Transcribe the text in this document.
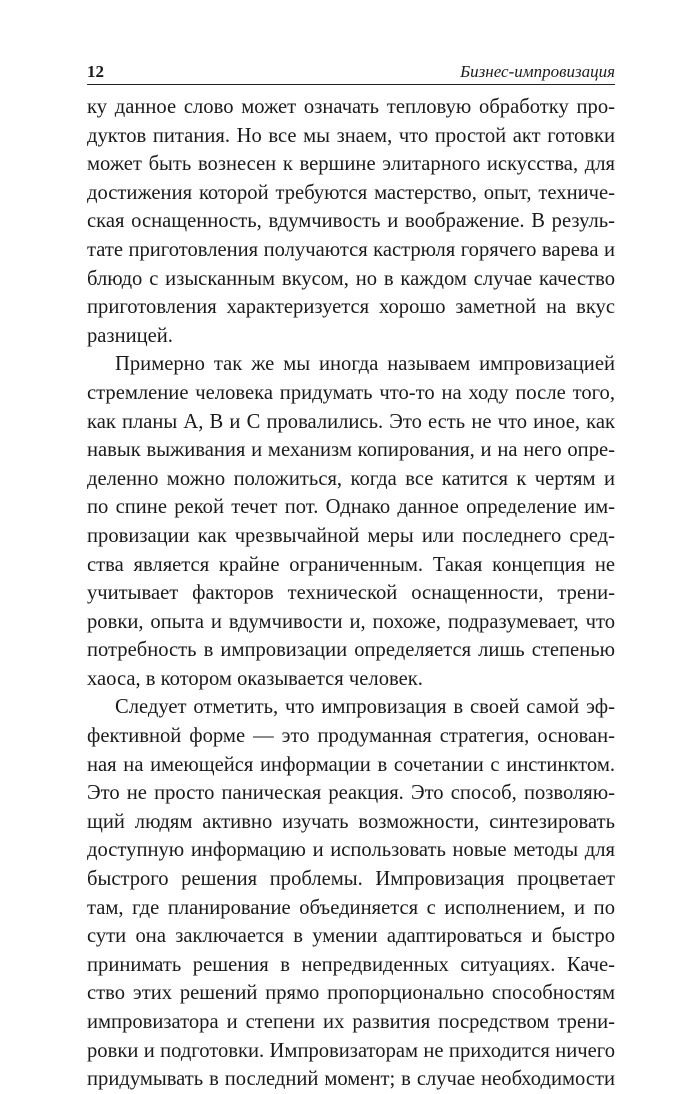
12	Бизнес-импровизация

ку данное слово может означать тепловую обработку про-

дуктов питания. Но все мы знаем, что простой акт готовки

может быть вознесен к вершине элитарного искусства, для

достижения которой требуются мастерство, опыт, техниче-

ская оснащенность, вдумчивость и воображение. В резуль-

тате приготовления получаются кастрюля горячего варева и

блюдо с изысканным вкусом, но в каждом случае качество

приготовления характеризуется хорошо заметной на вкус

разницей.

Примерно так же мы иногда называем импровизацией

стремление человека придумать что-то на ходу после того,

как планы А, В и С провалились. Это есть не что иное, как

навык выживания и механизм копирования, и на него опре-

деленно можно положиться, когда все катится к чертям и

по спине рекой течет пот. Однако данное определение им-

провизации как чрезвычайной меры или последнего сред-

ства является крайне ограниченным. Такая концепция не

учитывает факторов технической оснащенности, трени-

ровки, опыта и вдумчивости и, похоже, подразумевает, что

потребность в импровизации определяется лишь степенью

хаоса, в котором оказывается человек.

Следует отметить, что импровизация в своей самой эф-

фективной форме — это продуманная стратегия, основан-

ная на имеющейся информации в сочетании с инстинктом.

Это не просто паническая реакция. Это способ, позволяю-

щий людям активно изучать возможности, синтезировать

доступную информацию и использовать новые методы для

быстрого решения проблемы. Импровизация процветает

там, где планирование объединяется с исполнением, и по

сути она заключается в умении адаптироваться и быстро

принимать решения в непредвиденных ситуациях. Каче-

ство этих решений прямо пропорционально способностям

импровизатора и степени их развития посредством трени-

ровки и подготовки. Импровизаторам не приходится ничего

придумывать в последний момент; в случае необходимости
